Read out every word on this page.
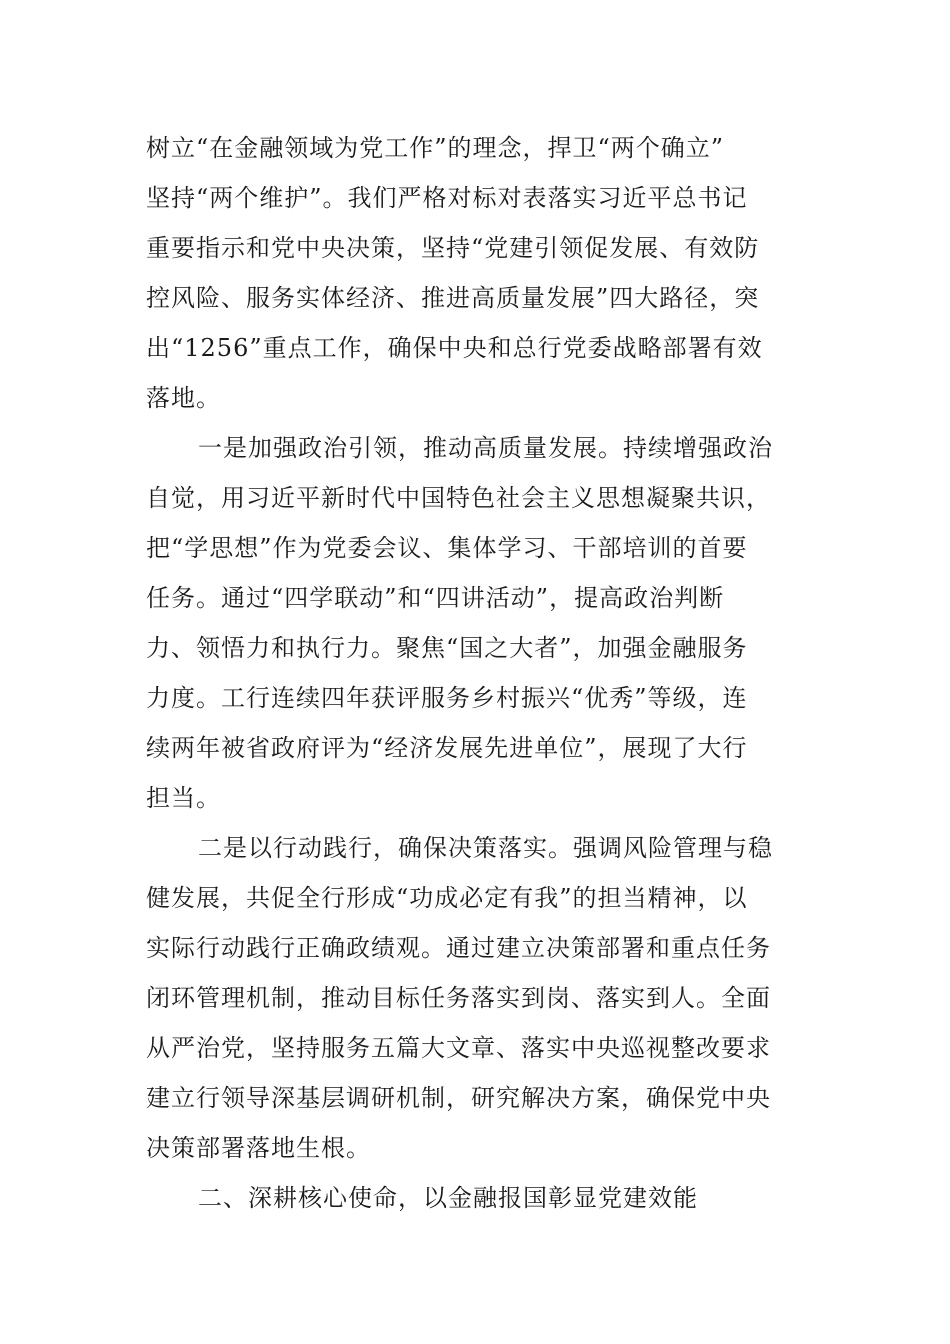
树立“在金融领域为党工作”的理念，捍卫“两个确立”
坚持“两个维护”。我们严格对标对表落实习近平总书记
重要指示和党中央决策，坚持“党建引领促发展、有效防
控风险、服务实体经济、推进高质量发展”四大路径，突
出“1256”重点工作，确保中央和总行党委战略部署有效
落地。
一是加强政治引领，推动高质量发展。持续增强政治
自觉，用习近平新时代中国特色社会主义思想凝聚共识，
把“学思想”作为党委会议、集体学习、干部培训的首要
任务。通过“四学联动”和“四讲活动”，提高政治判断
力、领悟力和执行力。聚焦“国之大者”，加强金融服务
力度。工行连续四年获评服务乡村振兴“优秀”等级，连
续两年被省政府评为“经济发展先进单位”，展现了大行
担当。
二是以行动践行，确保决策落实。强调风险管理与稳
健发展，共促全行形成“功成必定有我”的担当精神，以
实际行动践行正确政绩观。通过建立决策部署和重点任务
闭环管理机制，推动目标任务落实到岗、落实到人。全面
从严治党，坚持服务五篇大文章、落实中央巡视整改要求
建立行领导深基层调研机制，研究解决方案，确保党中央
决策部署落地生根。
二、深耕核心使命，以金融报国彰显党建效能
